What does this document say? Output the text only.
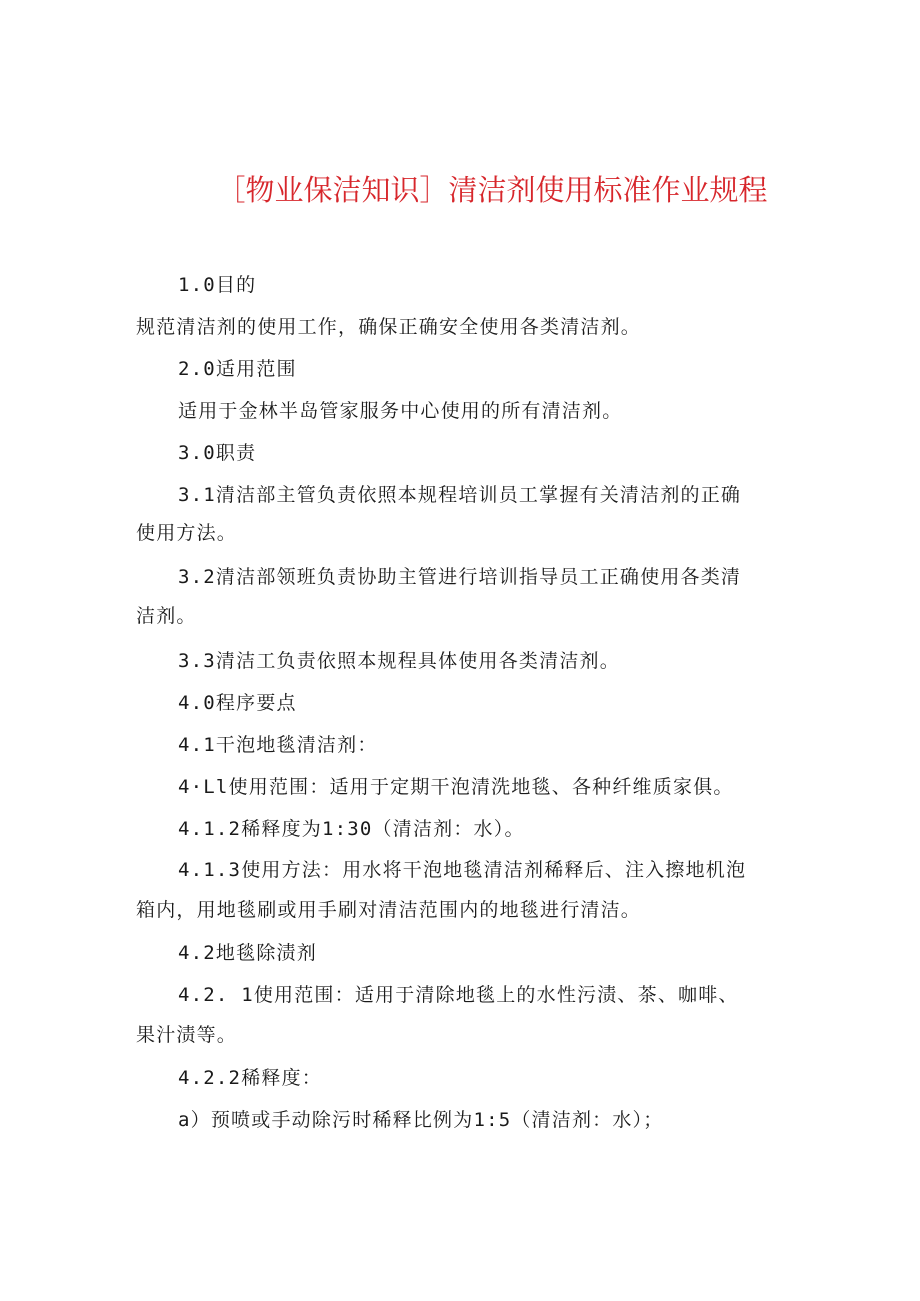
［物业保洁知识］清洁剂使用标准作业规程
1.0目的
规范清洁剂的使用工作，确保正确安全使用各类清洁剂。
2.0适用范围
适用于金林半岛管家服务中心使用的所有清洁剂。
3.0职责
3.1清洁部主管负责依照本规程培训员工掌握有关清洁剂的正确
使用方法。
3.2清洁部领班负责协助主管进行培训指导员工正确使用各类清
洁剂。
3.3清洁工负责依照本规程具体使用各类清洁剂。
4.0程序要点
4.1干泡地毯清洁剂：
4·Ll使用范围：适用于定期干泡清洗地毯、各种纤维质家俱。
4.1.2稀释度为1:30（清洁剂：水）。
4.1.3使用方法：用水将干泡地毯清洁剂稀释后、注入擦地机泡
箱内，用地毯刷或用手刷对清洁范围内的地毯进行清洁。
4.2地毯除渍剂
4.2. 1使用范围：适用于清除地毯上的水性污渍、茶、咖啡、
果汁渍等。
4.2.2稀释度：
a）预喷或手动除污时稀释比例为1:5（清洁剂：水）；
